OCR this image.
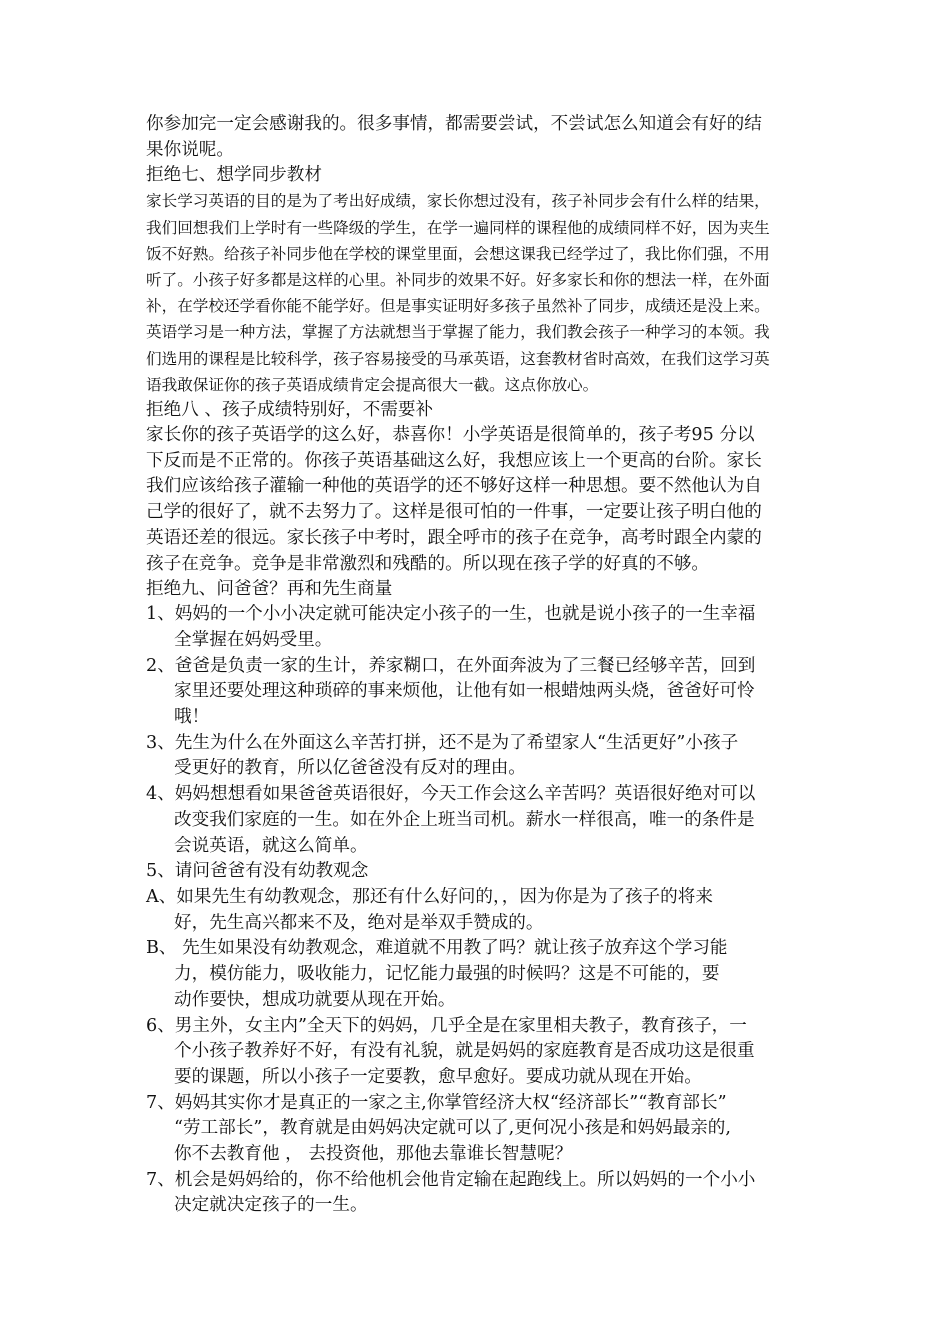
你参加完一定会感谢我的。很多事情，都需要尝试，不尝试怎么知道会有好的结
果你说呢。
拒绝七、想学同步教材
家长学习英语的目的是为了考出好成绩，家长你想过没有，孩子补同步会有什么样的结果，
我们回想我们上学时有一些降级的学生，在学一遍同样的课程他的成绩同样不好，因为夹生
饭不好熟。给孩子补同步他在学校的课堂里面，会想这课我已经学过了，我比你们强，不用
听了。小孩子好多都是这样的心里。补同步的效果不好。好多家长和你的想法一样，在外面
补，在学校还学看你能不能学好。但是事实证明好多孩子虽然补了同步，成绩还是没上来。
英语学习是一种方法，掌握了方法就想当于掌握了能力，我们教会孩子一种学习的本领。我
们选用的课程是比较科学，孩子容易接受的马承英语，这套教材省时高效，在我们这学习英
语我敢保证你的孩子英语成绩肯定会提高很大一截。这点你放心。
拒绝八 、孩子成绩特别好，不需要补
家长你的孩子英语学的这么好，恭喜你！小学英语是很简单的，孩子考95 分以
下反而是不正常的。你孩子英语基础这么好，我想应该上一个更高的台阶。家长
我们应该给孩子灌输一种他的英语学的还不够好这样一种思想。要不然他认为自
己学的很好了，就不去努力了。这样是很可怕的一件事，一定要让孩子明白他的
英语还差的很远。家长孩子中考时，跟全呼市的孩子在竞争，高考时跟全内蒙的
孩子在竞争。竞争是非常激烈和残酷的。所以现在孩子学的好真的不够。
拒绝九、问爸爸？再和先生商量
1、妈妈的一个小小决定就可能决定小孩子的一生，也就是说小孩子的一生幸福
全掌握在妈妈受里。
2、爸爸是负责一家的生计，养家糊口，在外面奔波为了三餐已经够辛苦，回到
家里还要处理这种琐碎的事来烦他，让他有如一根蜡烛两头烧，爸爸好可怜
哦！
3、先生为什么在外面这么辛苦打拼，还不是为了希望家人“生活更好”小孩子
受更好的教育，所以亿爸爸没有反对的理由。
4、妈妈想想看如果爸爸英语很好，今天工作会这么辛苦吗？英语很好绝对可以
改变我们家庭的一生。如在外企上班当司机。薪水一样很高，唯一的条件是
会说英语，就这么简单。
5、请问爸爸有没有幼教观念
A、如果先生有幼教观念，那还有什么好问的，，因为你是为了孩子的将来
好，先生高兴都来不及，绝对是举双手赞成的。
B、 先生如果没有幼教观念，难道就不用教了吗？就让孩子放弃这个学习能
力，模仿能力，吸收能力，记忆能力最强的时候吗？这是不可能的，要
动作要快，想成功就要从现在开始。
6、男主外，女主内”全天下的妈妈，几乎全是在家里相夫教子，教育孩子，一
个小孩子教养好不好，有没有礼貌，就是妈妈的家庭教育是否成功这是很重
要的课题，所以小孩子一定要教，愈早愈好。要成功就从现在开始。
7、妈妈其实你才是真正的一家之主,你掌管经济大权“经济部长”“教育部长”
“劳工部长”，教育就是由妈妈决定就可以了,更何况小孩是和妈妈最亲的,
你不去教育他 ， 去投资他，那他去靠谁长智慧呢？
7、机会是妈妈给的，你不给他机会他肯定输在起跑线上。所以妈妈的一个小小
决定就决定孩子的一生。
